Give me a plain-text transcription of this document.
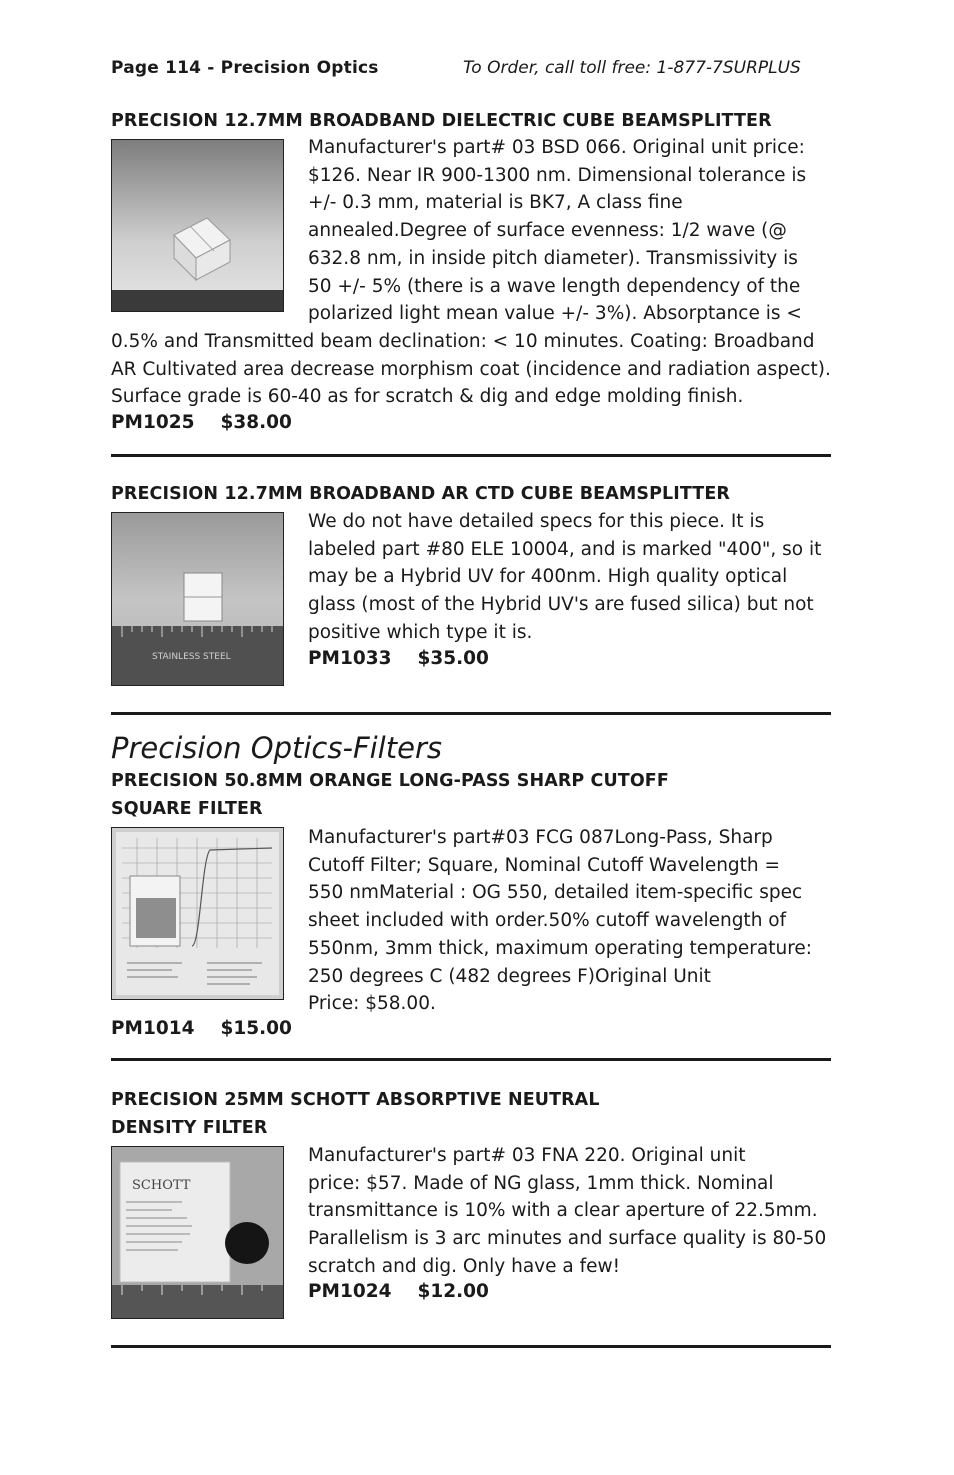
Page 114 - Precision Optics	To Order, call toll free: 1-877-7SURPLUS
PRECISION 12.7MM BROADBAND DIELECTRIC CUBE BEAMSPLITTER

Manufacturer's part# 03 BSD 066. Original unit price:

$126. Near IR 900-1300 nm. Dimensional tolerance is

+/- 0.3 mm, material is BK7, A class fine

annealed.Degree of surface evenness: 1/2 wave (@

632.8 nm, in inside pitch diameter). Transmissivity is

50 +/- 5% (there is a wave length dependency of the

polarized light mean value +/- 3%). Absorptance is <

0.5% and Transmitted beam declination: < 10 minutes. Coating: Broadband

AR Cultivated area decrease morphism coat (incidence and radiation aspect).

Surface grade is 60-40 as for scratch & dig and edge molding finish.

PM1025 $38.00
PRECISION 12.7MM BROADBAND AR CTD CUBE BEAMSPLITTER
STAINLESS STEEL

We do not have detailed specs for this piece. It is

labeled part #80 ELE 10004, and is marked "400", so it

may be a Hybrid UV for 400nm. High quality optical

glass (most of the Hybrid UV's are fused silica) but not

positive which type it is.

PM1033 $35.00
Precision Optics-Filters
PRECISION 50.8MM ORANGE LONG-PASS SHARP CUTOFF
SQUARE FILTER

Manufacturer's part#03 FCG 087Long-Pass, Sharp

Cutoff Filter; Square, Nominal Cutoff Wavelength =

550 nmMaterial : OG 550, detailed item-specific spec

sheet included with order.50% cutoff wavelength of

550nm, 3mm thick, maximum operating temperature:

250 degrees C (482 degrees F)Original Unit

Price: $58.00.

PM1014 $15.00
PRECISION 25MM SCHOTT ABSORPTIVE NEUTRAL
DENSITY FILTER
SCHOTT

Manufacturer's part# 03 FNA 220. Original unit

price: $57. Made of NG glass, 1mm thick. Nominal

transmittance is 10% with a clear aperture of 22.5mm.

Parallelism is 3 arc minutes and surface quality is 80-50

scratch and dig. Only have a few!

PM1024 $12.00
